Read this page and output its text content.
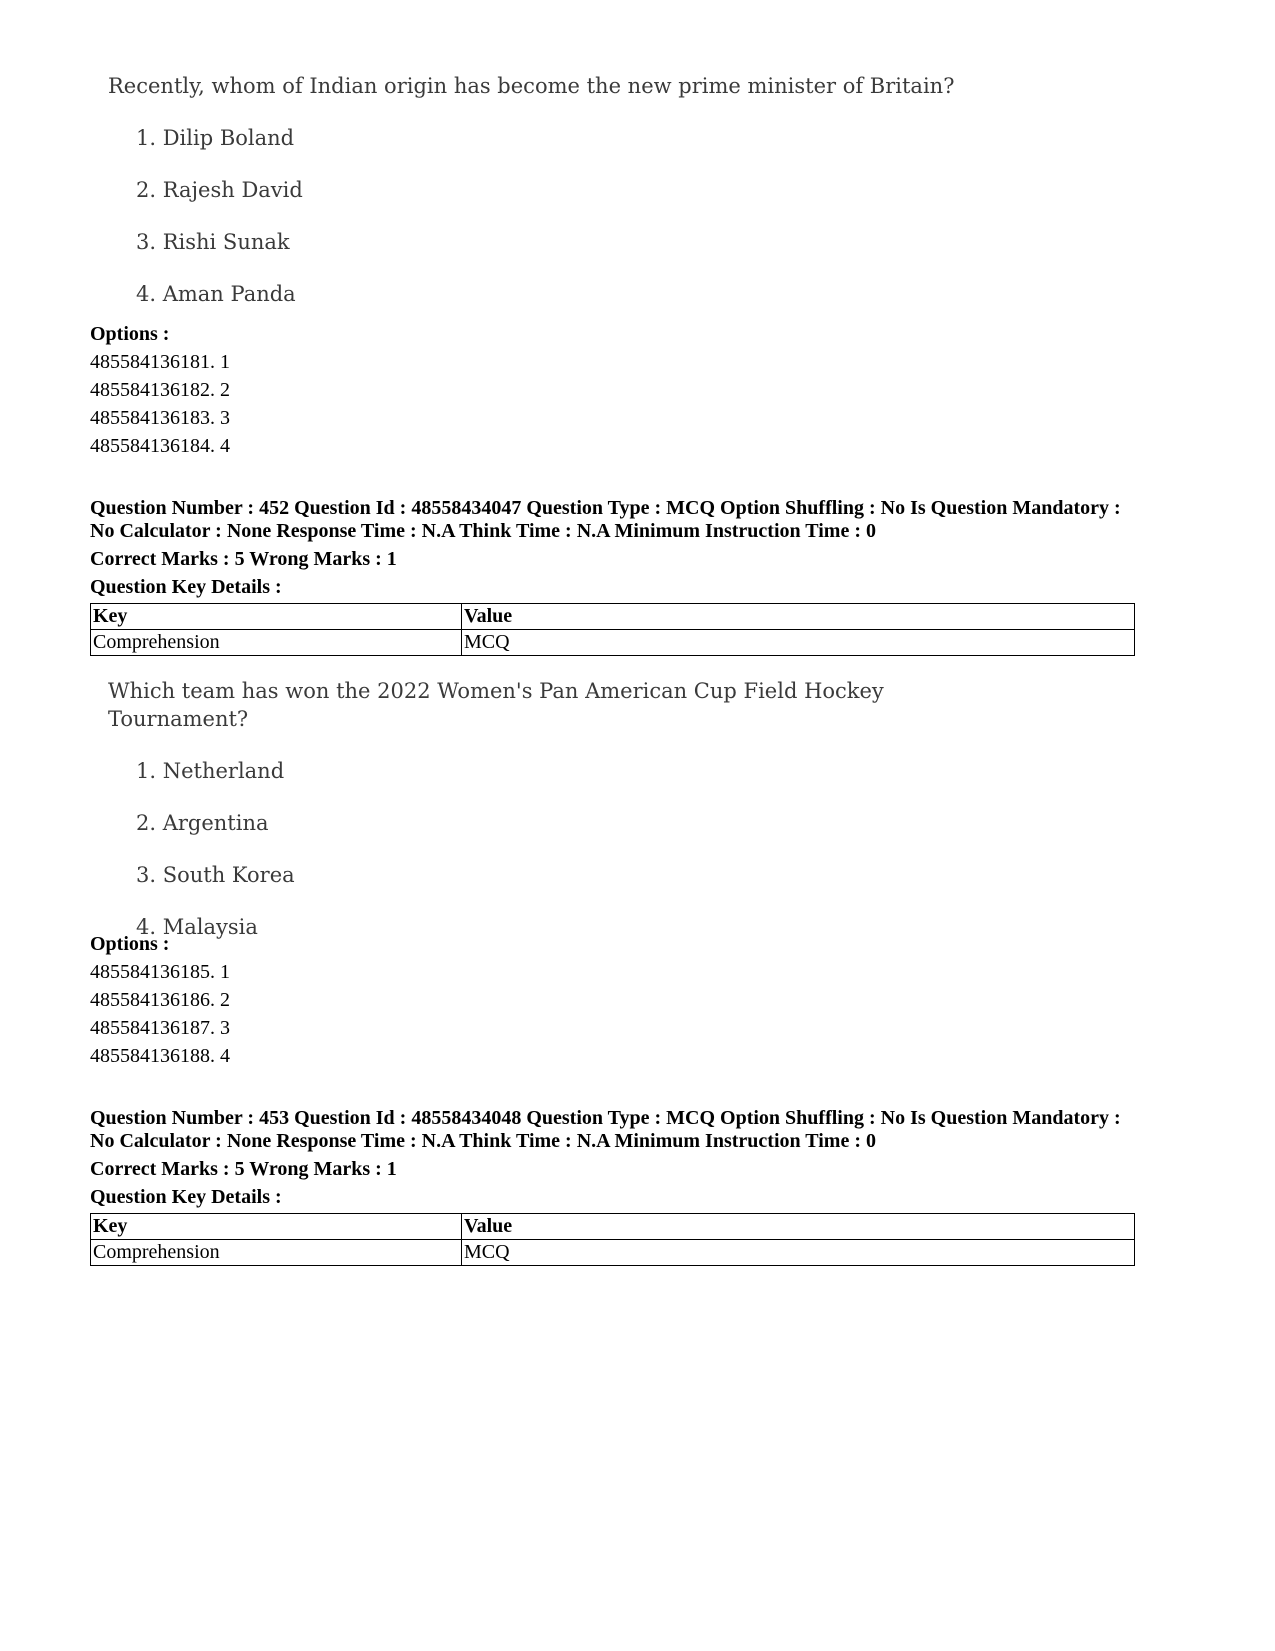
Recently, whom of Indian origin has become the new prime minister of Britain?

1. Dilip Boland
2. Rajesh David
3. Rishi Sunak
4. Aman Panda
Options :
485584136181. 1
485584136182. 2
485584136183. 3
485584136184. 4
Question Number : 452 Question Id : 48558434047 Question Type : MCQ Option Shuffling : No Is Question Mandatory :
No Calculator : None Response Time : N.A Think Time : N.A Minimum Instruction Time : 0
Correct Marks : 5 Wrong Marks : 1
Question Key Details :
Key	Value
Comprehension	MCQ

Which team has won the 2022 Women's Pan American Cup Field Hockey Tournament?

1. Netherland
2. Argentina
3. South Korea
4. Malaysia
Options :
485584136185. 1
485584136186. 2
485584136187. 3
485584136188. 4
Question Number : 453 Question Id : 48558434048 Question Type : MCQ Option Shuffling : No Is Question Mandatory :
No Calculator : None Response Time : N.A Think Time : N.A Minimum Instruction Time : 0
Correct Marks : 5 Wrong Marks : 1
Question Key Details :
Key	Value
Comprehension	MCQ
